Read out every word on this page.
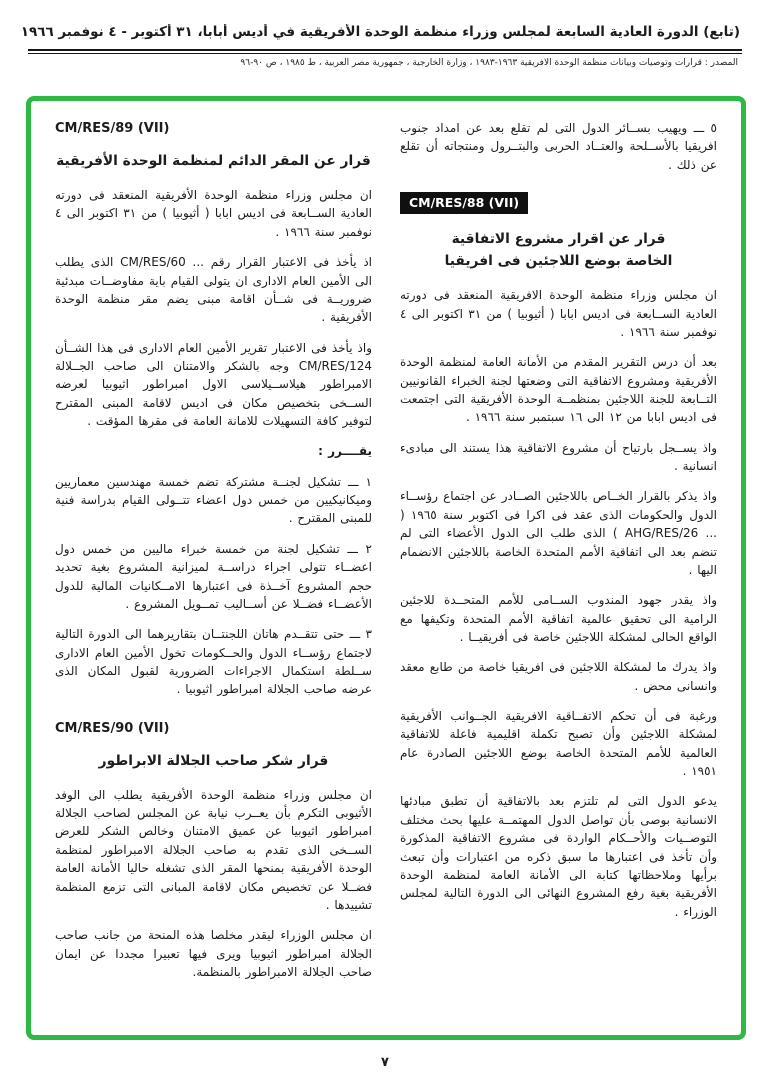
(تابع) الدورة العادية السابعة لمجلس وزراء منظمة الوحدة الأفريقية في أديس أبابا، ٣١ أكتوبر - ٤ نوفمبر ١٩٦٦
المصدر : قرارات وتوصيات وبيانات منظمة الوحدة الأفريقية ١٩٦٣-١٩٨٣ ، وزارة الخارجية ، جمهورية مصر العربية ، ط ١٩٨٥ ، ص ٩٠-٩٦

٥ ـــ ويهيب بســائر الدول التى لم تقلع بعد عن امداد جنوب افريقيا بالأســلحة والعتــاد الحربى والبتــرول ومنتجاته أن تقلع عن ذلك .

CM/RES/88 (VII)
قرار عن اقرار مشروع الاتفاقية
الخاصة بوضع اللاجئين فى افريقيا

ان مجلس وزراء منظمة الوحدة الافريقية المنعقد فى دورته العادية الســابعة فى اديس ابابا ( أثيوبيا ) من ٣١ اكتوبر الى ٤ نوفمبر سنة ١٩٦٦ .

بعد أن درس التقرير المقدم من الأمانة العامة لمنظمة الوحدة الأفريقية ومشروع الاتفاقية التى وضعتها لجنة الخبراء القانونيين التــابعة للجنة اللاجئين بمنظمــة الوحدة الأفريقية التى اجتمعت فى اديس ابابا من ١٢ الى ١٦ سبتمبر سنة ١٩٦٦ .

واذ يســجل بارتياح أن مشروع الاتفاقية هذا يستند الى مبادىء انسانية .

واذ يذكر بالقرار الخــاص باللاجئين الصــادر عن اجتماع رؤســاء الدول والحكومات الذى عقد فى اكرا فى اكتوبر سنة ١٩٦٥ ( ... AHG/RES/26 ) الذى طلب الى الدول الأعضاء التى لم تنضم بعد الى اتفاقية الأمم المتحدة الخاصة باللاجئين الانضمام اليها .

واذ يقدر جهود المندوب الســامى للأمم المتحــدة للاجئين الرامية الى تحقيق عالمية اتفاقية الأمم المتحدة وتكيفها مع الواقع الحالى لمشكلة اللاجئين خاصة فى أفريقيــا .

واذ يدرك ما لمشكلة اللاجئين فى افريقيا خاصة من طابع معقد وانسانى محض .

ورغبة فى أن تحكم الاتفــاقية الافريقية الجــوانب الأفريقية لمشكلة اللاجئين وأن تصبح تكملة اقليمية فاعلة للاتفاقية العالمية للأمم المتحدة الخاصة بوضع اللاجئين الصادرة عام ١٩٥١ .

يدعو الدول التى لم تلتزم بعد بالاتفاقية أن تطبق مبادئها الانسانية بوصى بأن تواصل الدول المهتمــة عليها بحث مختلف التوصــيات والأحــكام الواردة فى مشروع الاتفاقية المذكورة وأن تأخذ فى اعتبارها ما سبق ذكره من اعتبارات وأن تبعث برأيها وملاحظاتها كتابة الى الأمانة العامة لمنظمة الوحدة الأفريقية بغية رفع المشروع النهائى الى الدورة التالية لمجلس الوزراء .

CM/RES/89 (VII)
قرار عن المقر الدائم لمنظمة الوحدة الأفريقية

ان مجلس وزراء منظمة الوحدة الأفريقية المنعقد فى دورته العادية الســابعة فى اديس ابابا ( أثيوبيا ) من ٣١ اكتوبر الى ٤ نوفمبر سنة ١٩٦٦ .

اذ يأخذ فى الاعتبار القرار رقم ... CM/RES/60 الذى يطلب الى الأمين العام الادارى ان يتولى القيام باية مفاوضــات مبدئية ضروريــة فى شــأن اقامة مبنى يضم مقر منظمة الوحدة الأفريقية .

واذ يأخذ فى الاعتبار تقرير الأمين العام الادارى فى هذا الشــأن CM/RES/124 وجه بالشكر والامتنان الى صاحب الجــلالة الامبراطور هيلاســيلاسى الاول امبراطور اثيوبيا لعرضه الســخى بتخصيص مكان فى اديس لاقامة المبنى المقترح لتوفير كافة التسهيلات للامانة العامة فى مقرها المؤقت .

يقــــرر :

١ ـــ تشكيل لجنــة مشتركة تضم خمسة مهندسين معماريين وميكانيكيين من خمس دول اعضاء تتــولى القيام بدراسة فنية للمبنى المقترح .

٢ ـــ تشكيل لجنة من خمسة خبراء ماليين من خمس دول اعضــاء تتولى اجراء دراســة لميزانية المشروع بغية تحديد حجم المشروع آخــذة فى اعتبارها الامــكانيات المالية للدول الأعضــاء فضــلا عن أســاليب تمــويل المشروع .

٣ ـــ حتى تتقــدم هاتان اللجنتــان بتقاريرهما الى الدورة التالية لاجتماع رؤســاء الدول والحــكومات تخول الأمين العام الادارى ســلطة استكمال الاجراءات الضرورية لقبول المكان الذى عرضه صاحب الجلالة امبراطور اثيوبيا .

CM/RES/90 (VII)
قرار شكر صاحب الجلالة الابراطور

ان مجلس وزراء منظمة الوحدة الأفريقية يطلب الى الوفد الأثيوبى التكرم بأن يعــرب نيابة عن المجلس لصاحب الجلالة امبراطور اثيوبيا عن عميق الامتنان وخالص الشكر للعرض الســخى الذى تقدم به صاحب الجلالة الامبراطور لمنظمة الوحدة الأفريقية بمنحها المقر الذى تشغله حاليا الأمانة العامة فضــلا عن تخصيص مكان لاقامة المبانى التى تزمع المنظمة تشييدها .

ان مجلس الوزراء ليقدر مخلصا هذه المنحة من جانب صاحب الجلالة امبراطور اثيوبيا ويرى فيها تعبيرا مجددا عن ايمان صاحب الجلالة الامبراطور بالمنظمة.

٧
